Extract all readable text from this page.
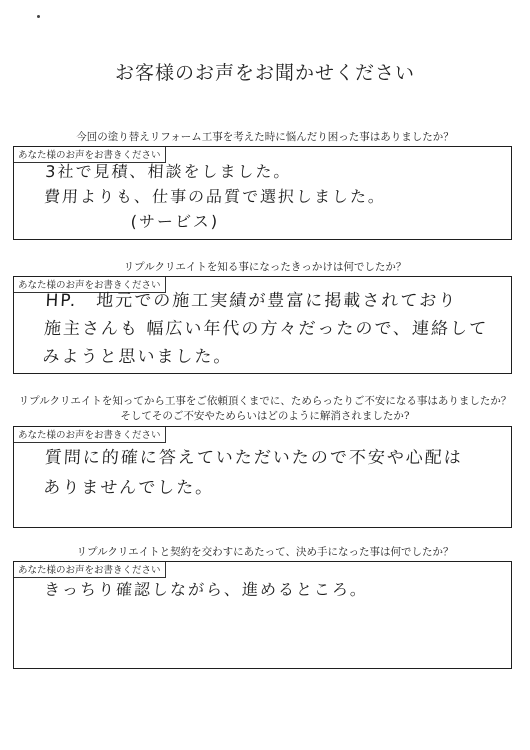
お客様のお声をお聞かせください
今回の塗り替えリフォーム工事を考えた時に悩んだり困った事はありましたか？
あなた様のお声をお書きください
3社で見積、相談をしました。
費用よりも、仕事の品質で選択しました。
(サービス)
リプルクリエイトを知る事になったきっかけは何でしたか？
あなた様のお声をお書きください
HP.　地元での施工実績が豊富に掲載されており
施主さんも 幅広い年代の方々だったので、連絡して
みようと思いました。
リプルクリエイトを知ってから工事をご依頼頂くまでに、ためらったりご不安になる事はありましたか？
そしてそのご不安やためらいはどのように解消されましたか?
あなた様のお声をお書きください
質問に的確に答えていただいたので不安や心配は
ありませんでした。
リプルクリエイトと契約を交わすにあたって、決め手になった事は何でしたか？
あなた様のお声をお書きください
きっちり確認しながら、進めるところ。
